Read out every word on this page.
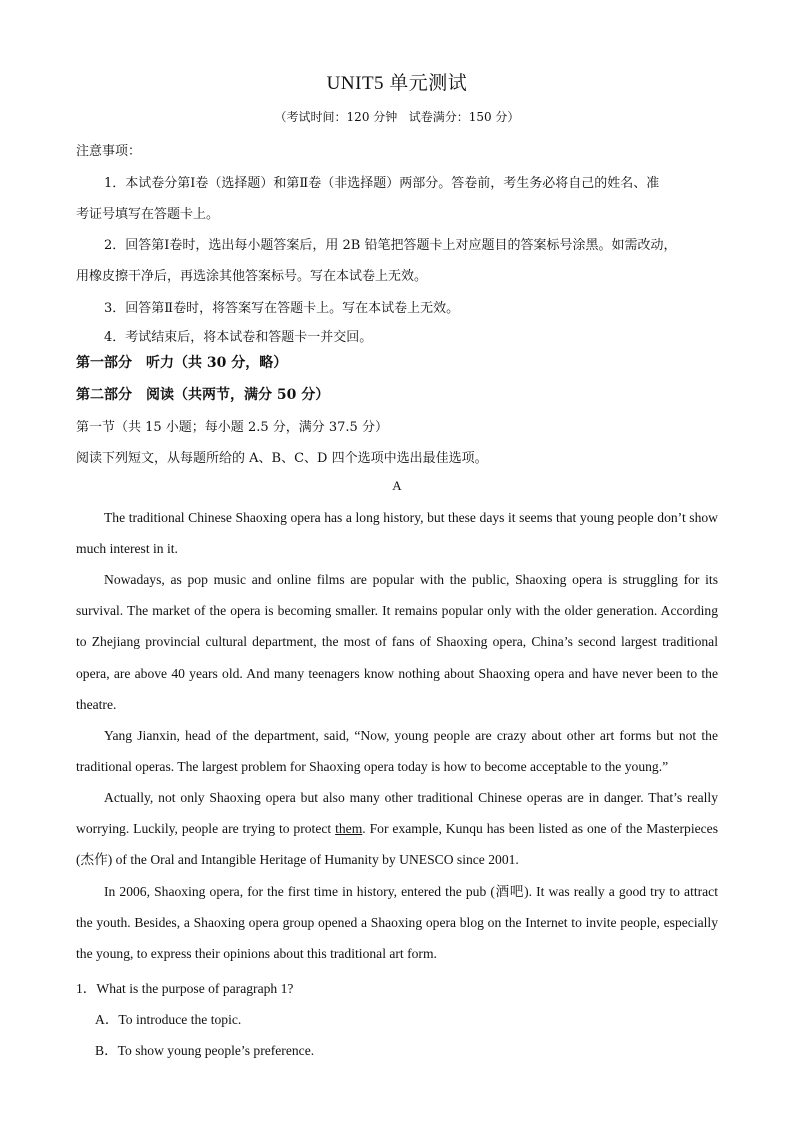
UNIT5 单元测试
（考试时间：120 分钟   试卷满分：150 分）
注意事项：
1．本试卷分第Ⅰ卷（选择题）和第Ⅱ卷（非选择题）两部分。答卷前，考生务必将自己的姓名、准
考证号填写在答题卡上。
2．回答第Ⅰ卷时，选出每小题答案后，用 2B 铅笔把答题卡上对应题目的答案标号涂黑。如需改动，
用橡皮擦干净后，再选涂其他答案标号。写在本试卷上无效。
3．回答第Ⅱ卷时，将答案写在答题卡上。写在本试卷上无效。
4．考试结束后，将本试卷和答题卡一并交回。
第一部分　听力（共 30 分，略）
第二部分　阅读（共两节，满分 50 分）
第一节（共 15 小题；每小题 2.5 分，满分 37.5 分）
阅读下列短文，从每题所给的 A、B、C、D 四个选项中选出最佳选项。
A

The traditional Chinese Shaoxing opera has a long history, but these days it seems that young people don’t show much interest in it.

Nowadays, as pop music and online films are popular with the public, Shaoxing opera is struggling for its survival. The market of the opera is becoming smaller. It remains popular only with the older generation. According to Zhejiang provincial cultural department, the most of fans of Shaoxing opera, China’s second largest traditional opera, are above 40 years old. And many teenagers know nothing about Shaoxing opera and have never been to the theatre.

Yang Jianxin, head of the department, said, “Now, young people are crazy about other art forms but not the traditional operas. The largest problem for Shaoxing opera today is how to become acceptable to the young.”

Actually, not only Shaoxing opera but also many other traditional Chinese operas are in danger. That’s really worrying. Luckily, people are trying to protect them. For example, Kunqu has been listed as one of the Masterpieces (杰作) of the Oral and Intangible Heritage of Humanity by UNESCO since 2001.

In 2006, Shaoxing opera, for the first time in history, entered the pub (酒吧). It was really a good try to attract the youth. Besides, a Shaoxing opera group opened a Shaoxing opera blog on the Internet to invite people, especially the young, to express their opinions about this traditional art form.

1．What is the purpose of paragraph 1?
A．To introduce the topic.
B．To show young people’s preference.
